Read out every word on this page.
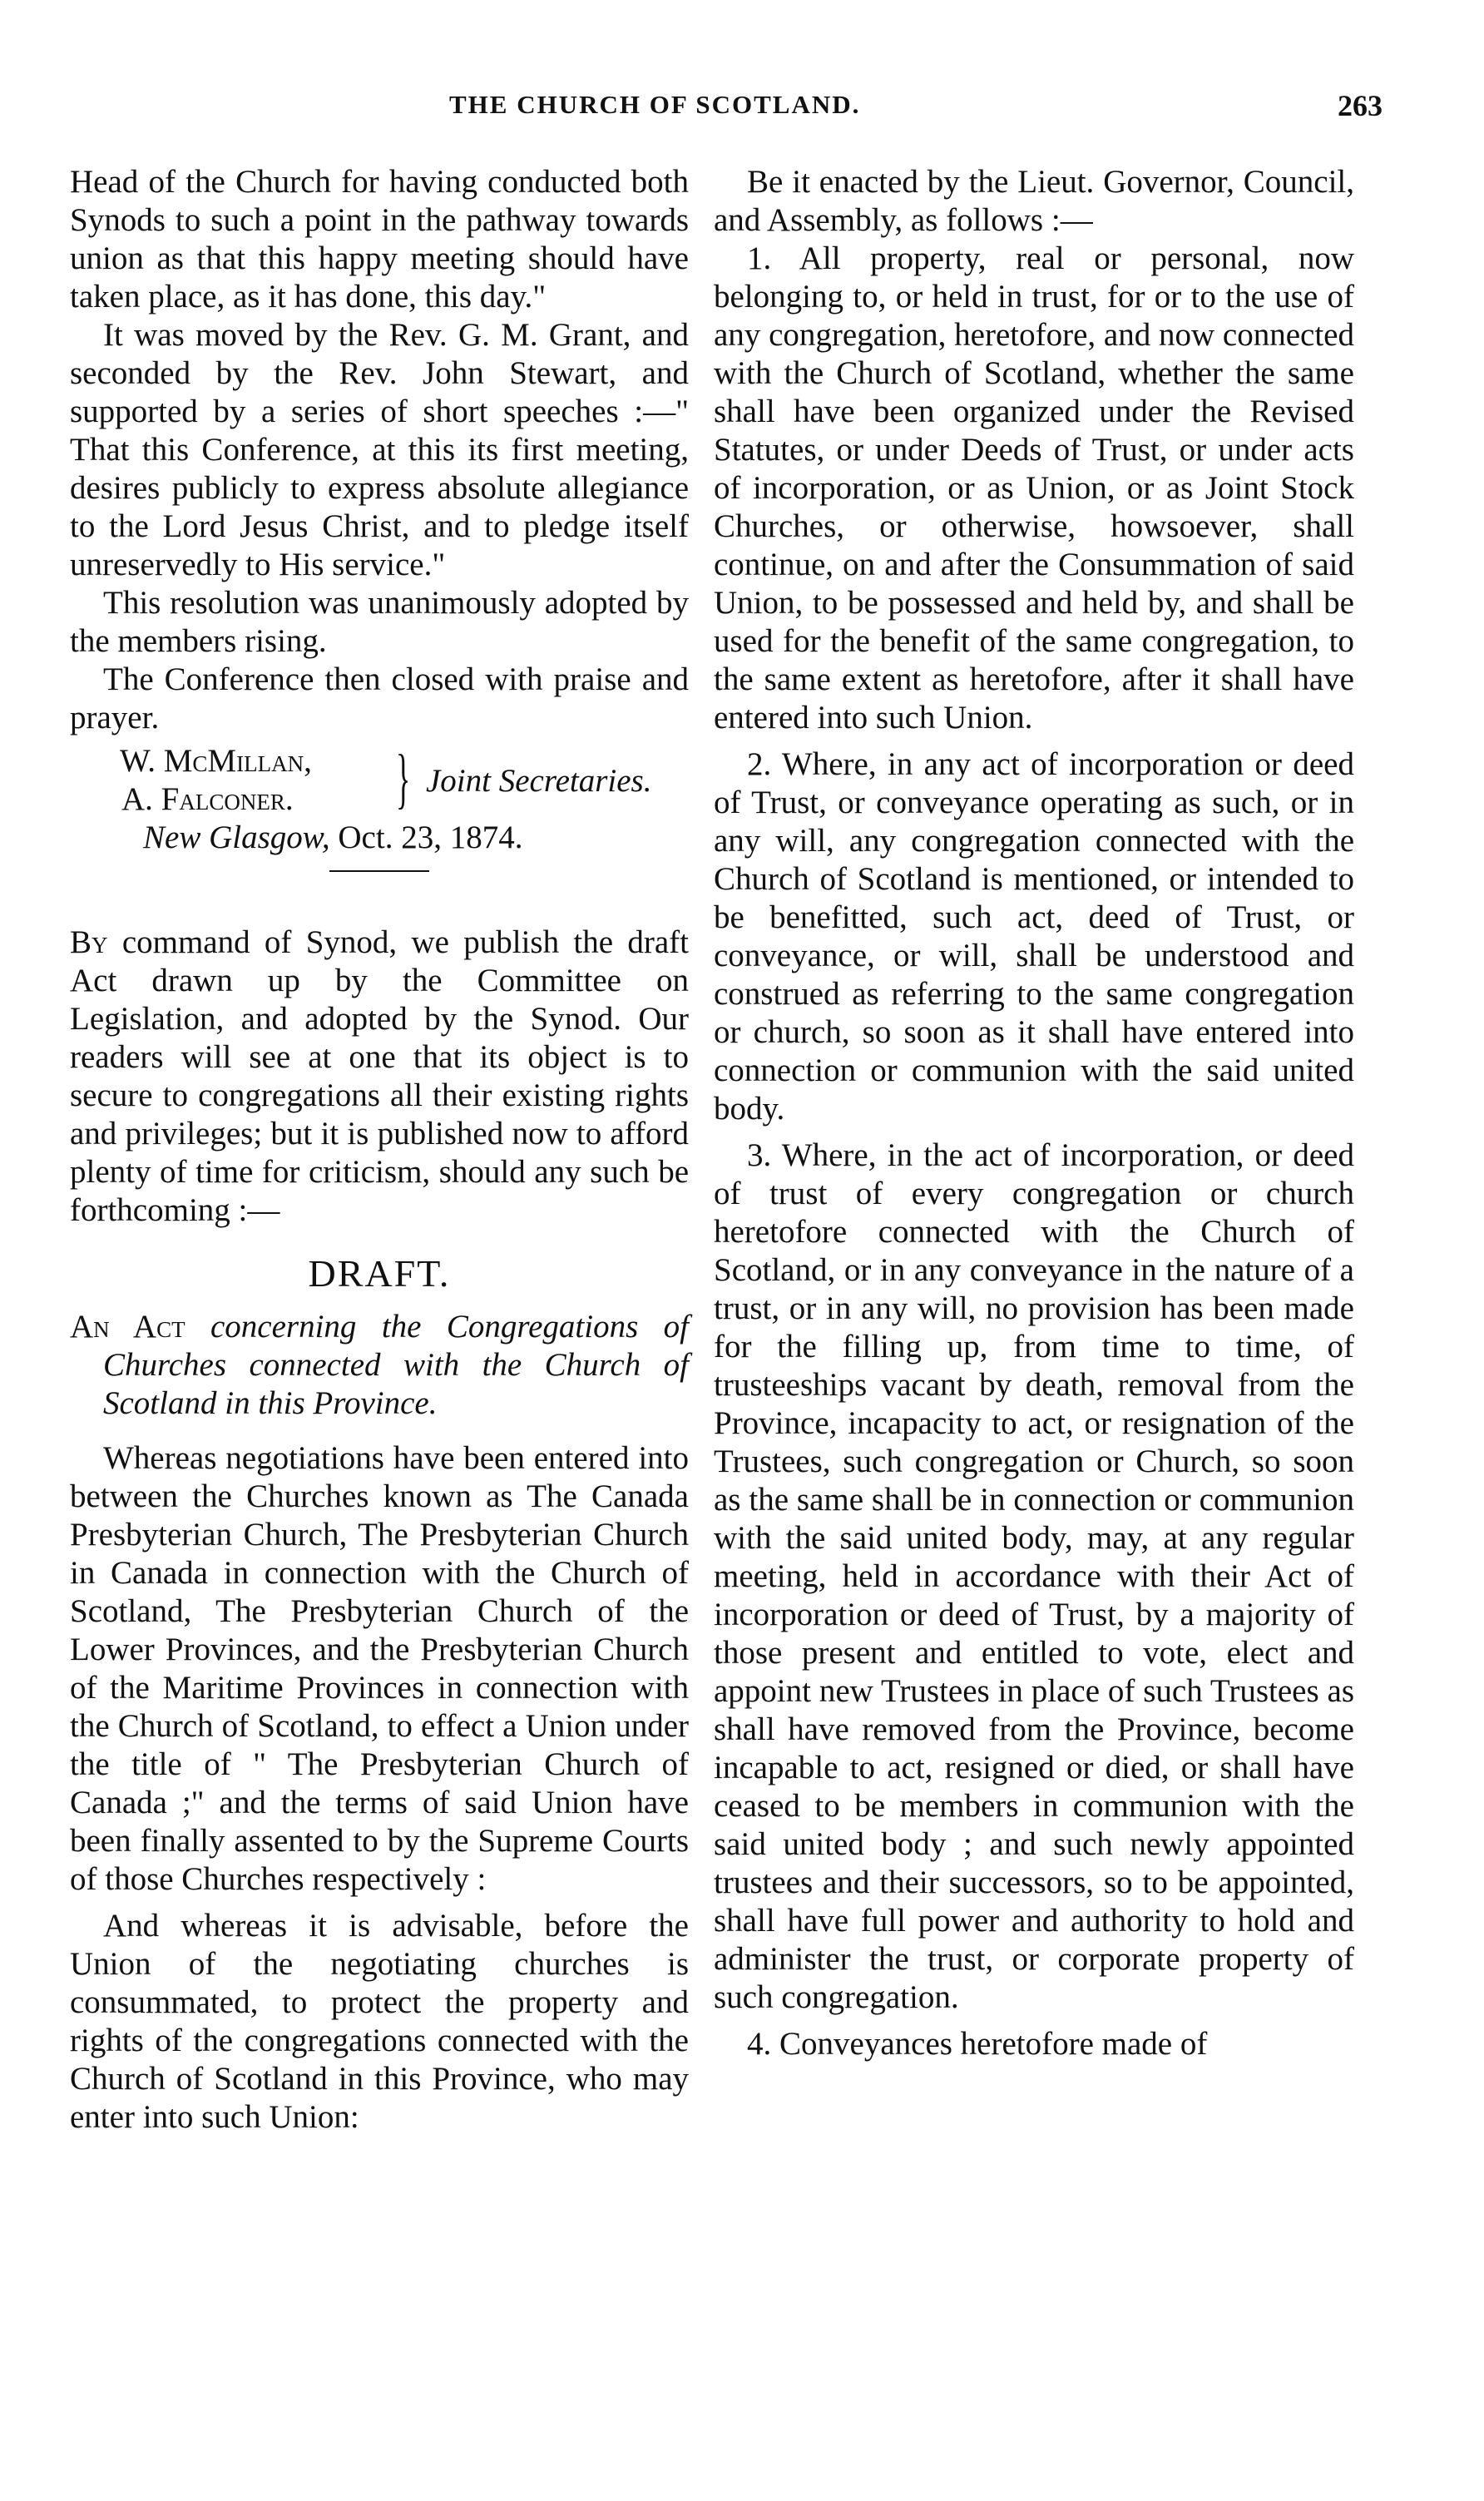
THE CHURCH OF SCOTLAND.	263

Head of the Church for having conducted both Synods to such a point in the pathway towards union as that this happy meeting should have taken place, as it has done, this day."

It was moved by the Rev. G. M. Grant, and seconded by the Rev. John Stewart, and supported by a series of short speeches :—" That this Conference, at this its first meeting, desires publicly to express absolute allegiance to the Lord Jesus Christ, and to pledge itself unreservedly to His service."

This resolution was unanimously adopted by the members rising.

The Conference then closed with praise and prayer.

W. McMillan,
A. Falconer. } Joint Secretaries.
New Glasgow, Oct. 23, 1874.

By command of Synod, we publish the draft Act drawn up by the Committee on Legislation, and adopted by the Synod. Our readers will see at one that its object is to secure to congregations all their existing rights and privileges; but it is published now to afford plenty of time for criticism, should any such be forthcoming :—

DRAFT.

An Act concerning the Congregations of Churches connected with the Church of Scotland in this Province.

Whereas negotiations have been entered into between the Churches known as The Canada Presbyterian Church, The Presbyterian Church in Canada in connection with the Church of Scotland, The Presbyterian Church of the Lower Provinces, and the Presbyterian Church of the Maritime Provinces in connection with the Church of Scotland, to effect a Union under the title of " The Presbyterian Church of Canada ;" and the terms of said Union have been finally assented to by the Supreme Courts of those Churches respectively :

And whereas it is advisable, before the Union of the negotiating churches is consummated, to protect the property and rights of the congregations connected with the Church of Scotland in this Province, who may enter into such Union:

Be it enacted by the Lieut. Governor, Council, and Assembly, as follows :—

1. All property, real or personal, now belonging to, or held in trust, for or to the use of any congregation, heretofore, and now connected with the Church of Scotland, whether the same shall have been organized under the Revised Statutes, or under Deeds of Trust, or under acts of incorporation, or as Union, or as Joint Stock Churches, or otherwise, howsoever, shall continue, on and after the Consummation of said Union, to be possessed and held by, and shall be used for the benefit of the same congregation, to the same extent as heretofore, after it shall have entered into such Union.

2. Where, in any act of incorporation or deed of Trust, or conveyance operating as such, or in any will, any congregation connected with the Church of Scotland is mentioned, or intended to be benefitted, such act, deed of Trust, or conveyance, or will, shall be understood and construed as referring to the same congregation or church, so soon as it shall have entered into connection or communion with the said united body.

3. Where, in the act of incorporation, or deed of trust of every congregation or church heretofore connected with the Church of Scotland, or in any conveyance in the nature of a trust, or in any will, no provision has been made for the filling up, from time to time, of trusteeships vacant by death, removal from the Province, incapacity to act, or resignation of the Trustees, such congregation or Church, so soon as the same shall be in connection or communion with the said united body, may, at any regular meeting, held in accordance with their Act of incorporation or deed of Trust, by a majority of those present and entitled to vote, elect and appoint new Trustees in place of such Trustees as shall have removed from the Province, become incapable to act, resigned or died, or shall have ceased to be members in communion with the said united body ; and such newly appointed trustees and their successors, so to be appointed, shall have full power and authority to hold and administer the trust, or corporate property of such congregation.

4. Conveyances heretofore made of
